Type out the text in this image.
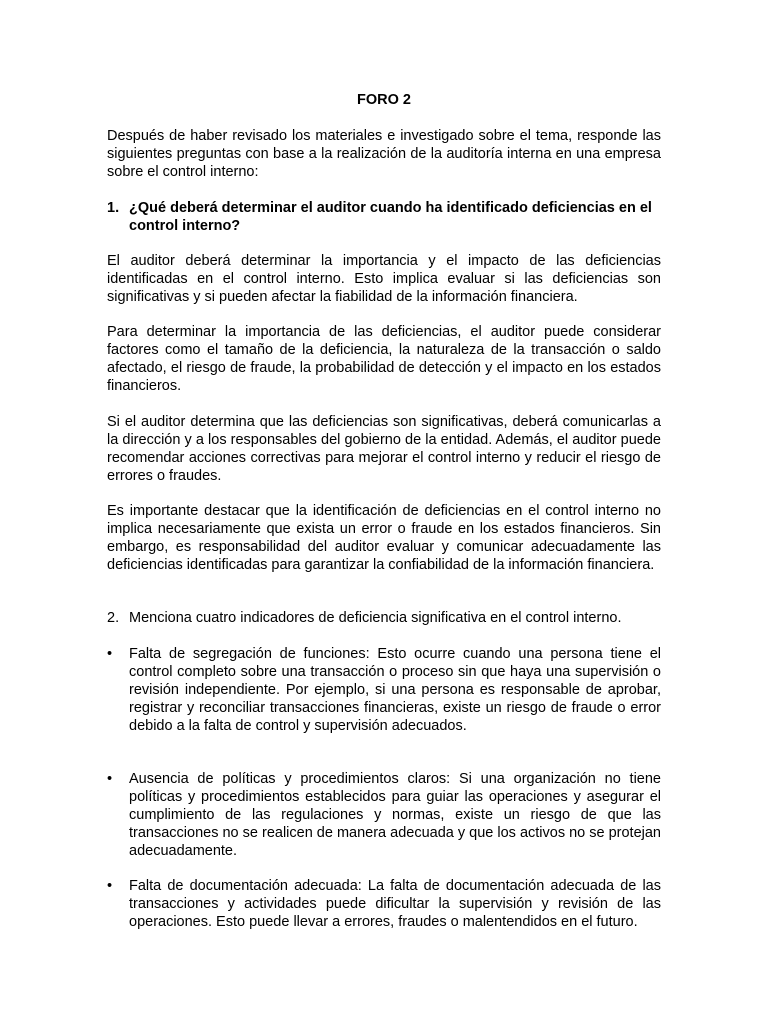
FORO 2

Después de haber revisado los materiales e investigado sobre el tema, responde las siguientes preguntas con base a la realización de la auditoría interna en una empresa sobre el control interno:

1. ¿Qué deberá determinar el auditor cuando ha identificado deficiencias en el control interno?

El auditor deberá determinar la importancia y el impacto de las deficiencias identificadas en el control interno. Esto implica evaluar si las deficiencias son significativas y si pueden afectar la fiabilidad de la información financiera.

Para determinar la importancia de las deficiencias, el auditor puede considerar factores como el tamaño de la deficiencia, la naturaleza de la transacción o saldo afectado, el riesgo de fraude, la probabilidad de detección y el impacto en los estados financieros.

Si el auditor determina que las deficiencias son significativas, deberá comunicarlas a la dirección y a los responsables del gobierno de la entidad. Además, el auditor puede recomendar acciones correctivas para mejorar el control interno y reducir el riesgo de errores o fraudes.

Es importante destacar que la identificación de deficiencias en el control interno no implica necesariamente que exista un error o fraude en los estados financieros. Sin embargo, es responsabilidad del auditor evaluar y comunicar adecuadamente las deficiencias identificadas para garantizar la confiabilidad de la información financiera.

2. Menciona cuatro indicadores de deficiencia significativa en el control interno.
• Falta de segregación de funciones: Esto ocurre cuando una persona tiene el control completo sobre una transacción o proceso sin que haya una supervisión o revisión independiente. Por ejemplo, si una persona es responsable de aprobar, registrar y reconciliar transacciones financieras, existe un riesgo de fraude o error debido a la falta de control y supervisión adecuados.
• Ausencia de políticas y procedimientos claros: Si una organización no tiene políticas y procedimientos establecidos para guiar las operaciones y asegurar el cumplimiento de las regulaciones y normas, existe un riesgo de que las transacciones no se realicen de manera adecuada y que los activos no se protejan adecuadamente.
• Falta de documentación adecuada: La falta de documentación adecuada de las transacciones y actividades puede dificultar la supervisión y revisión de las operaciones. Esto puede llevar a errores, fraudes o malentendidos en el futuro.
